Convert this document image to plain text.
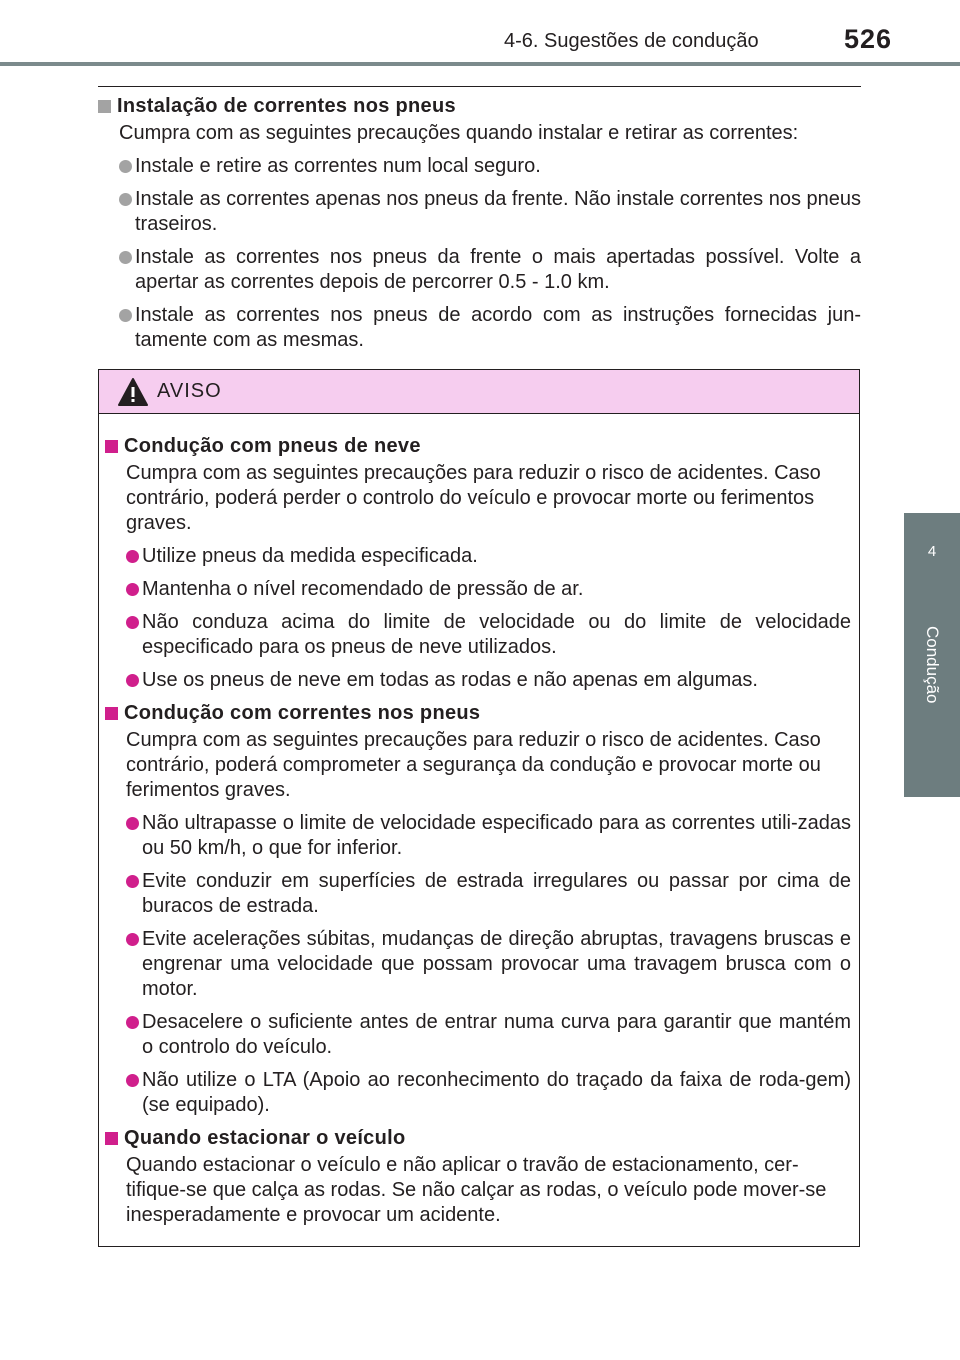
4-6. Sugestões de condução	526
4
Condução
Instalação de correntes nos pneus
Cumpra com as seguintes precauções quando instalar e retirar as correntes:
Instale e retire as correntes num local seguro.
Instale as correntes apenas nos pneus da frente. Não instale correntes nos pneus traseiros.
Instale as correntes nos pneus da frente o mais apertadas possível. Volte a apertar as correntes depois de percorrer 0.5 - 1.0 km.
Instale as correntes nos pneus de acordo com as instruções fornecidas jun-tamente com as mesmas.
AVISO
Condução com pneus de neve
Cumpra com as seguintes precauções para reduzir o risco de acidentes. Caso contrário, poderá perder o controlo do veículo e provocar morte ou ferimentos graves.
Utilize pneus da medida especificada.
Mantenha o nível recomendado de pressão de ar.
Não conduza acima do limite de velocidade ou do limite de velocidade especificado para os pneus de neve utilizados.
Use os pneus de neve em todas as rodas e não apenas em algumas.
Condução com correntes nos pneus
Cumpra com as seguintes precauções para reduzir o risco de acidentes. Caso contrário, poderá comprometer a segurança da condução e provocar morte ou ferimentos graves.
Não ultrapasse o limite de velocidade especificado para as correntes utili-zadas ou 50 km/h, o que for inferior.
Evite conduzir em superfícies de estrada irregulares ou passar por cima de buracos de estrada.
Evite acelerações súbitas, mudanças de direção abruptas, travagens bruscas e engrenar uma velocidade que possam provocar uma travagem brusca com o motor.
Desacelere o suficiente antes de entrar numa curva para garantir que mantém o controlo do veículo.
Não utilize o LTA (Apoio ao reconhecimento do traçado da faixa de roda-gem) (se equipado).
Quando estacionar o veículo
Quando estacionar o veículo e não aplicar o travão de estacionamento, cer-tifique-se que calça as rodas. Se não calçar as rodas, o veículo pode mover-se inesperadamente e provocar um acidente.
